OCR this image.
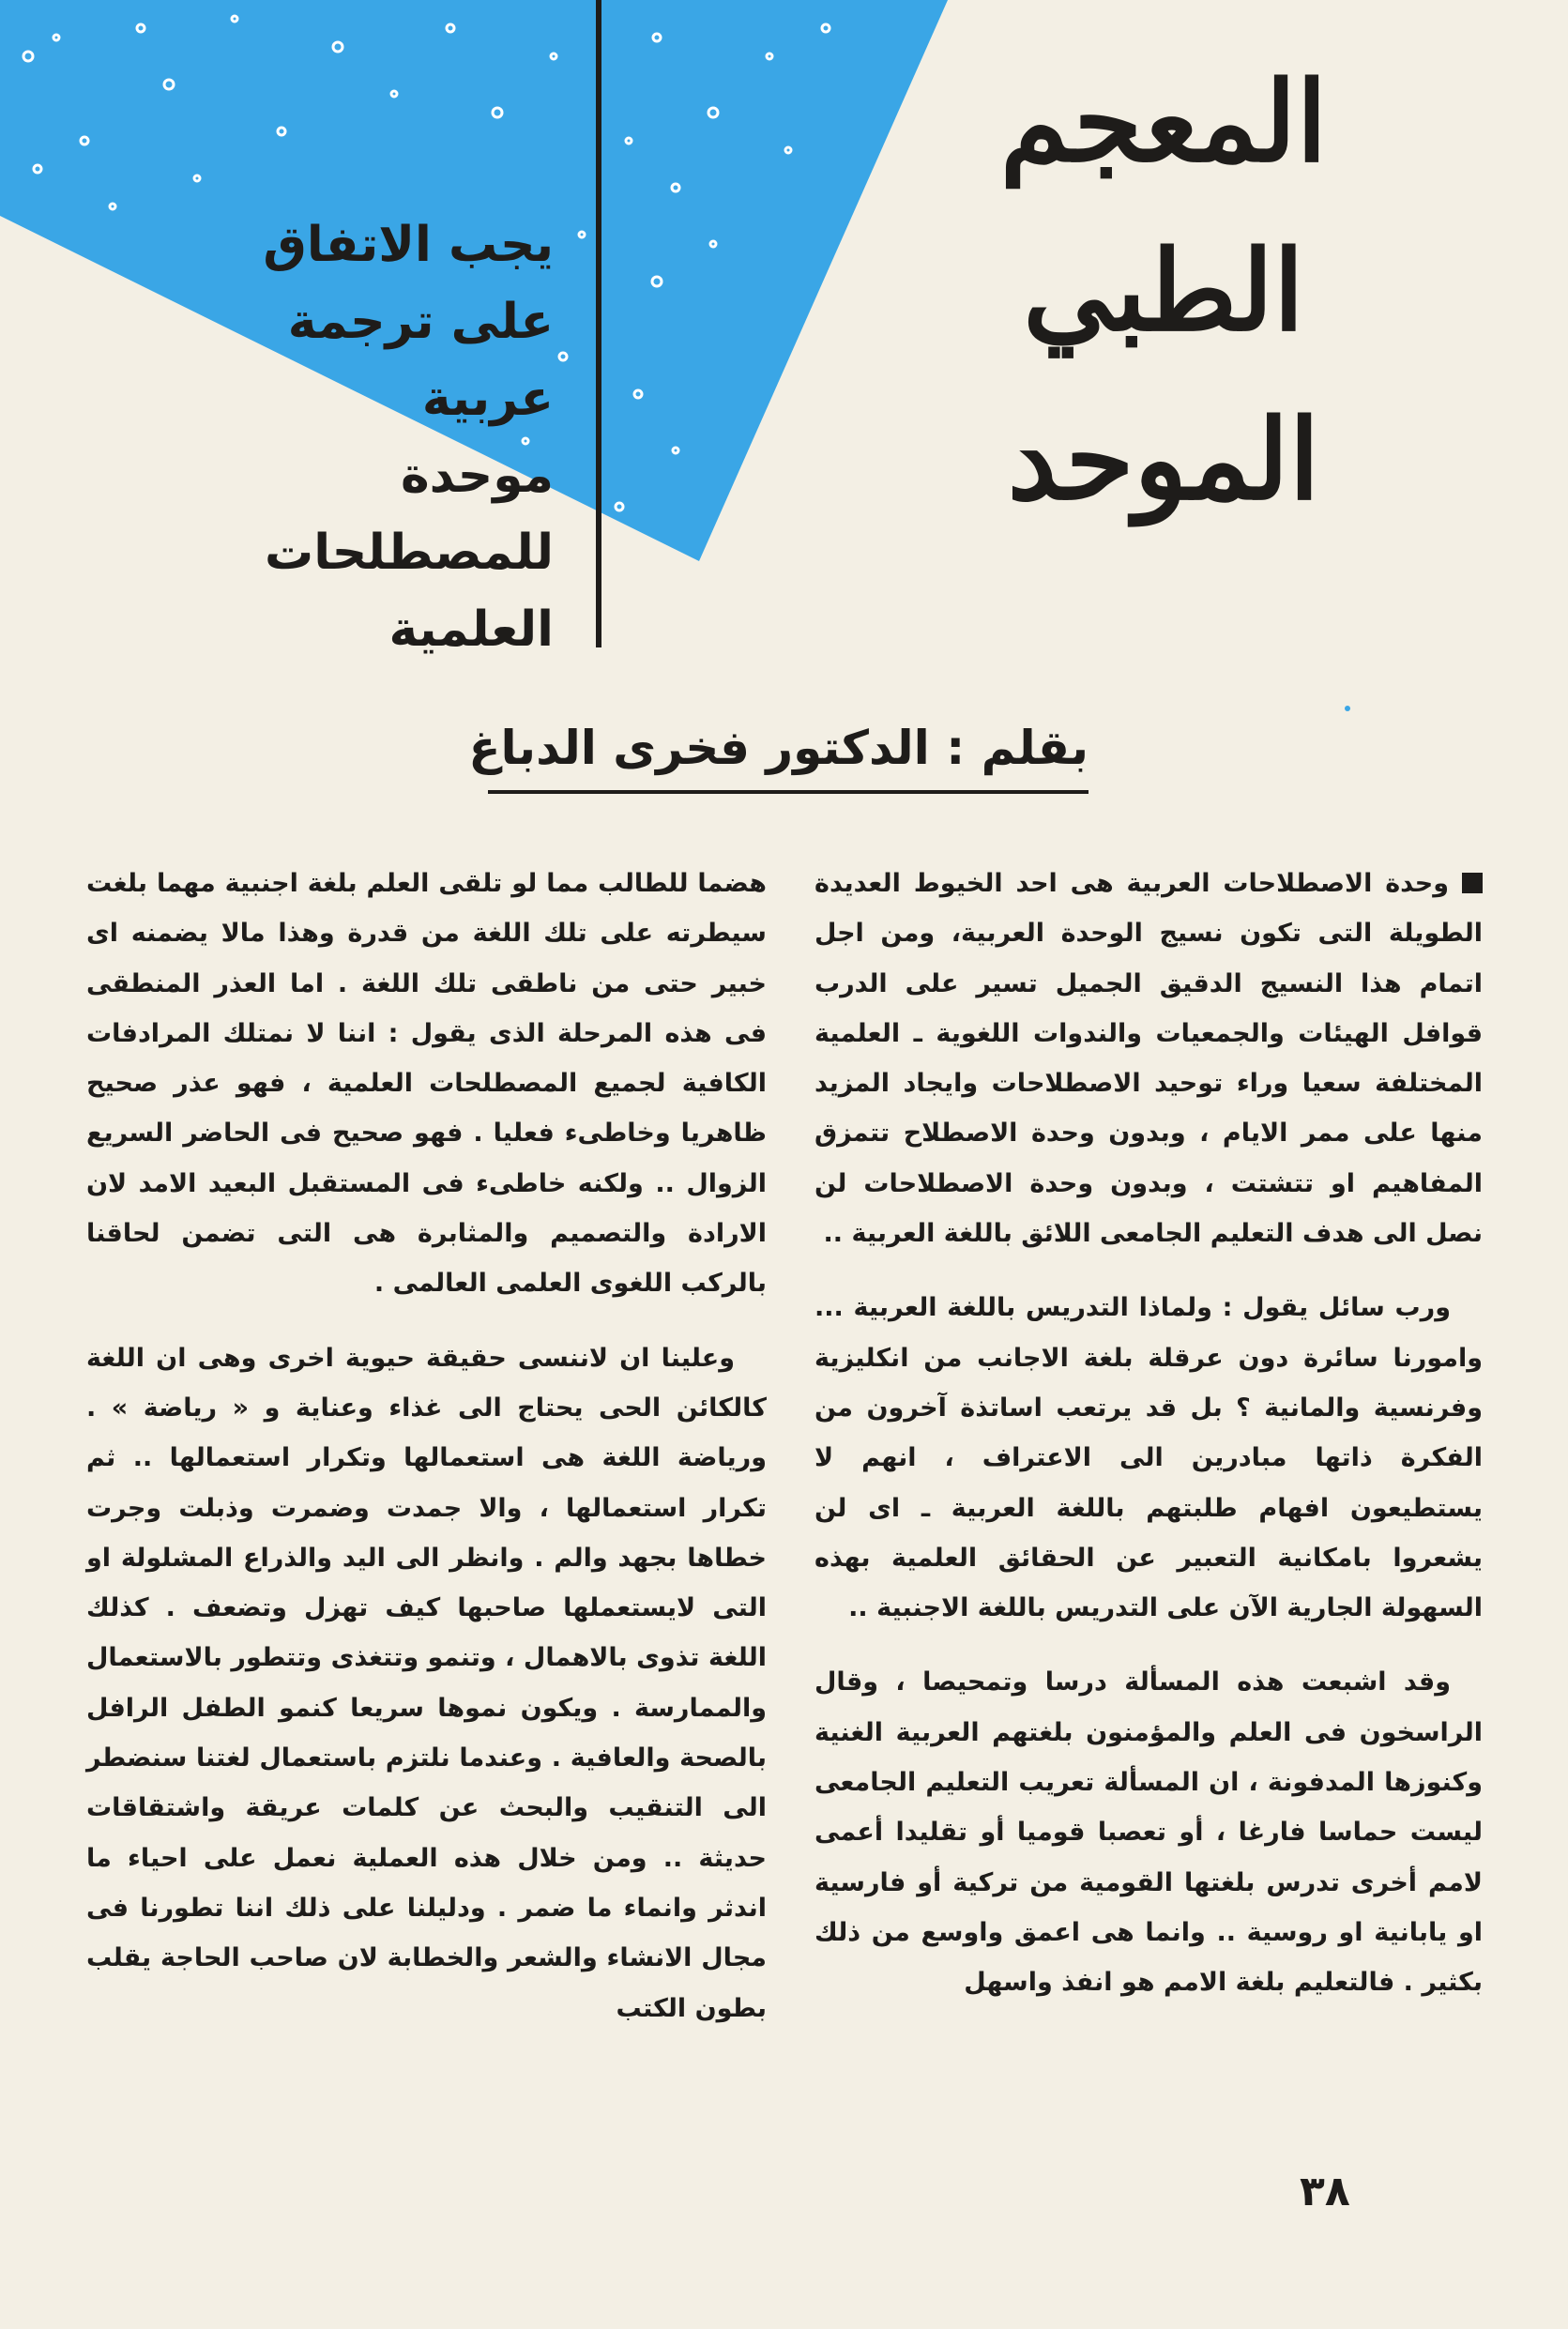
المعجم
الطبي
الموحد
يجب الاتفاق
على ترجمة
عربية
موحدة
للمصطلحات
العلمية
بقلم : الدكتور فخرى الدباغ

وحدة الاصطلاحات العربية هى احد الخيوط العديدة الطويلة التى تكون نسيج الوحدة العربية، ومن اجل اتمام هذا النسيج الدقيق الجميل تسير على الدرب قوافل الهيئات والجمعيات والندوات اللغوية ـ العلمية المختلفة سعيا وراء توحيد الاصطلاحات وايجاد المزيد منها على ممر الايام ، وبدون وحدة الاصطلاح تتمزق المفاهيم او تتشتت ، وبدون وحدة الاصطلاحات لن نصل الى هدف التعليم الجامعى اللائق باللغة العربية ..

ورب سائل يقول : ولماذا التدريس باللغة العربية ... وامورنا سائرة دون عرقلة بلغة الاجانب من انكليزية وفرنسية والمانية ؟ بل قد يرتعب اساتذة آخرون من الفكرة ذاتها مبادرين الى الاعتراف ، انهم لا يستطيعون افهام طلبتهم باللغة العربية ـ اى لن يشعروا بامكانية التعبير عن الحقائق العلمية بهذه السهولة الجارية الآن على التدريس باللغة الاجنبية ..

وقد اشبعت هذه المسألة درسا وتمحيصا ، وقال الراسخون فى العلم والمؤمنون بلغتهم العربية الغنية وكنوزها المدفونة ، ان المسألة تعريب التعليم الجامعى ليست حماسا فارغا ، أو تعصبا قوميا أو تقليدا أعمى لامم أخرى تدرس بلغتها القومية من تركية أو فارسية او يابانية او روسية .. وانما هى اعمق واوسع من ذلك بكثير . فالتعليم بلغة الامم هو انفذ واسهل

هضما للطالب مما لو تلقى العلم بلغة اجنبية مهما بلغت سيطرته على تلك اللغة من قدرة وهذا مالا يضمنه اى خبير حتى من ناطقى تلك اللغة . اما العذر المنطقى فى هذه المرحلة الذى يقول : اننا لا نمتلك المرادفات الكافية لجميع المصطلحات العلمية ، فهو عذر صحيح ظاهريا وخاطىء فعليا . فهو صحيح فى الحاضر السريع الزوال .. ولكنه خاطىء فى المستقبل البعيد الامد لان الارادة والتصميم والمثابرة هى التى تضمن لحاقنا بالركب اللغوى العلمى العالمى .

وعلينا ان لاننسى حقيقة حيوية اخرى وهى ان اللغة كالكائن الحى يحتاج الى غذاء وعناية و « رياضة » . ورياضة اللغة هى استعمالها وتكرار استعمالها .. ثم تكرار استعمالها ، والا جمدت وضمرت وذبلت وجرت خطاها بجهد والم . وانظر الى اليد والذراع المشلولة او التى لايستعملها صاحبها كيف تهزل وتضعف . كذلك اللغة تذوى بالاهمال ، وتنمو وتتغذى وتتطور بالاستعمال والممارسة . ويكون نموها سريعا كنمو الطفل الرافل بالصحة والعافية . وعندما نلتزم باستعمال لغتنا سنضطر الى التنقيب والبحث عن كلمات عريقة واشتقاقات حديثة .. ومن خلال هذه العملية نعمل على احياء ما اندثر وانماء ما ضمر . ودليلنا على ذلك اننا تطورنا فى مجال الانشاء والشعر والخطابة لان صاحب الحاجة يقلب بطون الكتب

٣٨
